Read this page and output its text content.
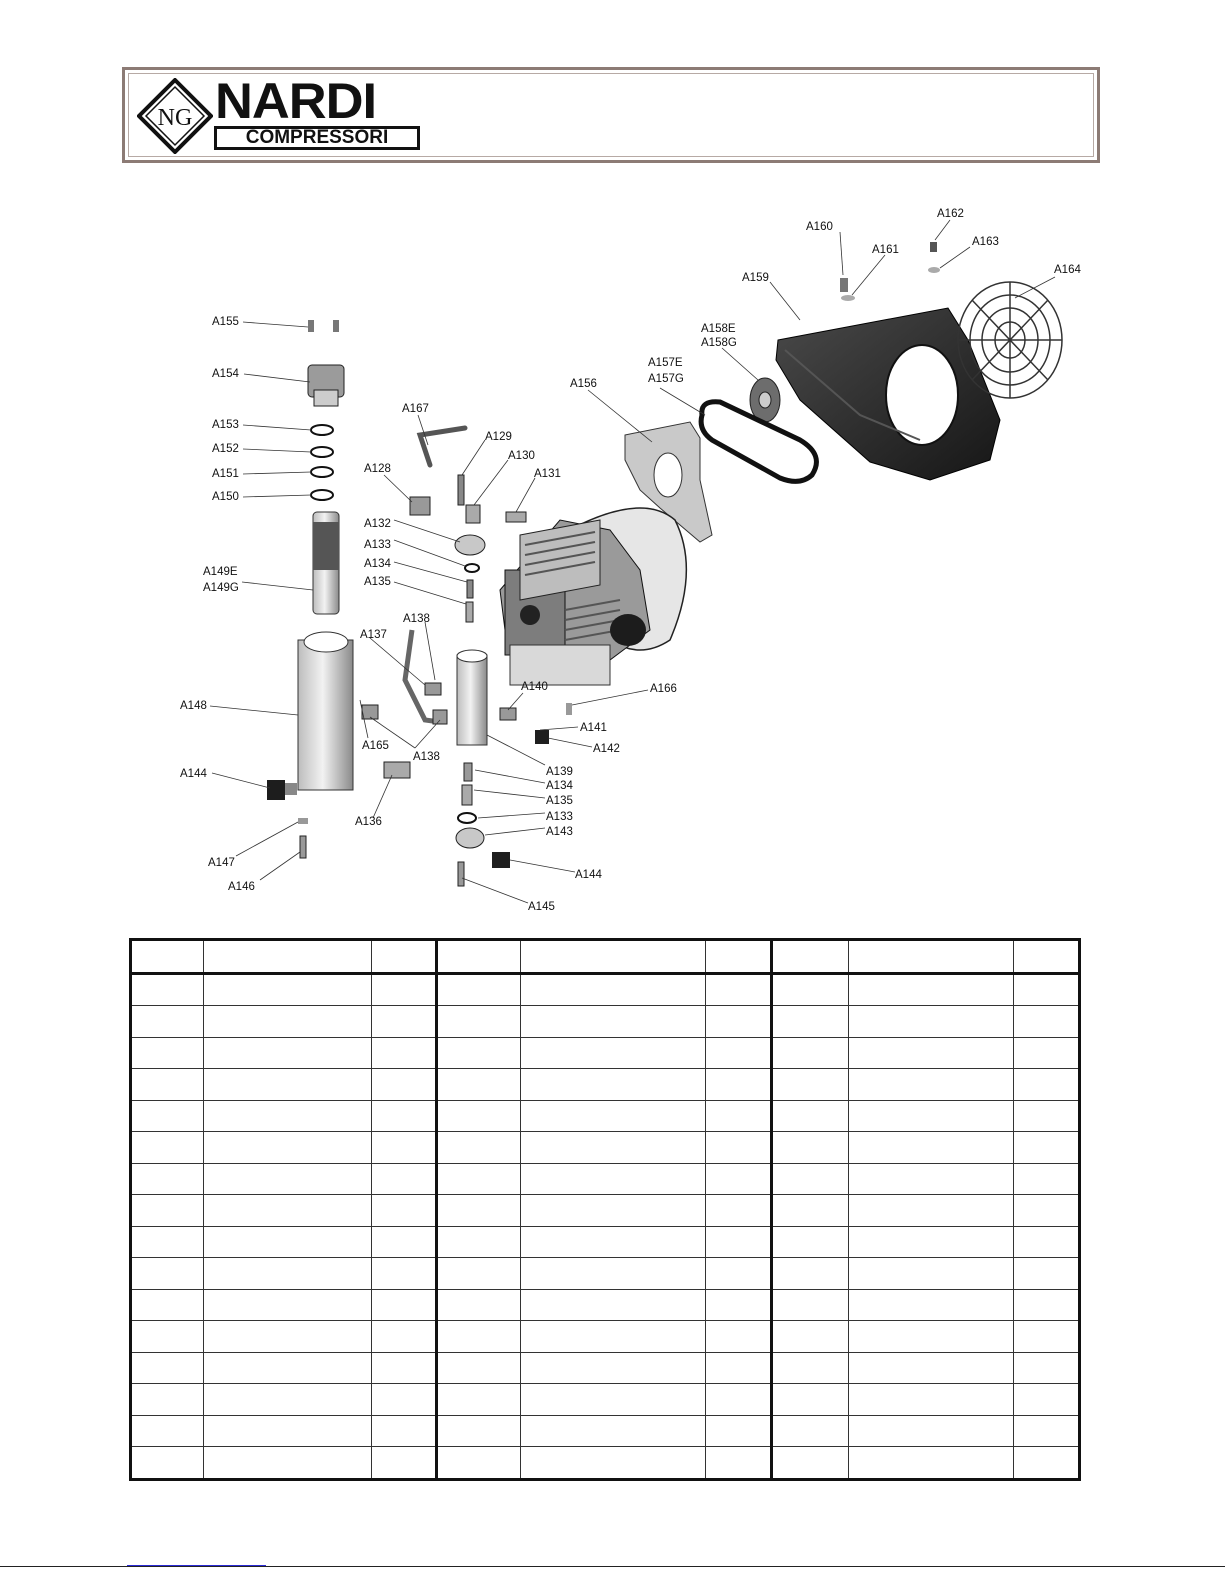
NG NARDI
COMPRESSORI
A155
A154
A153
A152
A151
A150
A149E
A149G
A148
A144
A147
A146
A136
A165
A138
A137
A138
A167
A128
A129
A130
A131
A132
A133
A134
A135
A139
A134
A135
A133
A143
A144
A145
A140
A141
A142
A166
A156
A157E
A157G
A158E
A158G
A159
A160
A161
A162
A163
A164
